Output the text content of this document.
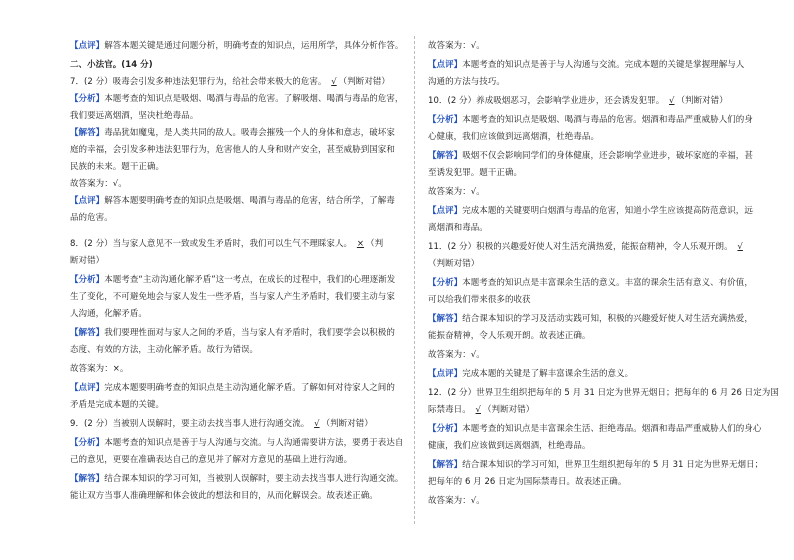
【点评】解答本题关键是通过问题分析，明确考查的知识点，运用所学，具体分析作答。
二、小法官。(14 分)
7．(2 分）吸毒会引发多种违法犯罪行为，给社会带来极大的危害。 √ （判断对错）
【分析】本题考查的知识点是吸烟、喝酒与毒品的危害。了解吸烟、喝酒与毒品的危害，
我们要远离烟酒，坚决杜绝毒品。
【解答】毒品犹如魔鬼，是人类共同的敌人。吸毒会摧残一个人的身体和意志，破坏家
庭的幸福，会引发多种违法犯罪行为，危害他人的人身和财产安全，甚至威胁到国家和
民族的未来。题干正确。
故答案为：√。
【点评】解答本题要明确考查的知识点是吸烟、喝酒与毒品的危害，结合所学，了解毒
品的危害。
8．(2 分）当与家人意见不一致或发生矛盾时，我们可以生气不理睬家人。 × （判
断对错）
【分析】本题考查“主动沟通化解矛盾”这一考点，在成长的过程中，我们的心理逐渐发
生了变化，不可避免地会与家人发生一些矛盾，当与家人产生矛盾时，我们要主动与家
人沟通，化解矛盾。
【解答】我们要理性面对与家人之间的矛盾，当与家人有矛盾时，我们要学会以积极的
态度、有效的方法，主动化解矛盾。故行为错误。
故答案为：×。
【点评】完成本题要明确考查的知识点是主动沟通化解矛盾。了解如何对待家人之间的
矛盾是完成本题的关键。
9．(2 分）当被别人误解时，要主动去找当事人进行沟通交流。 √ （判断对错）
【分析】本题考查的知识点是善于与人沟通与交流。与人沟通需要讲方法，要勇于表达自
己的意见，更要在准确表达自己的意见并了解对方意见的基础上进行沟通。
【解答】结合课本知识的学习可知，当被别人误解时，要主动去找当事人进行沟通交流。
能让双方当事人准确理解和体会彼此的想法和目的，从而化解误会。故表述正确。
故答案为：√。
【点评】本题考查的知识点是善于与人沟通与交流。完成本题的关键是掌握理解与人
沟通的方法与技巧。
10．(2 分）养成吸烟恶习，会影响学业进步，还会诱发犯罪。 √ （判断对错）
【分析】本题考查的知识点是吸烟、喝酒与毒品的危害。烟酒和毒品严重威胁人们的身
心健康，我们应该做到远离烟酒，杜绝毒品。
【解答】吸烟不仅会影响同学们的身体健康，还会影响学业进步，破坏家庭的幸福，甚
至诱发犯罪。题干正确。
故答案为：√。
【点评】完成本题的关键要明白烟酒与毒品的危害，知道小学生应该提高防范意识，远
离烟酒和毒品。
11．(2 分）积极的兴趣爱好使人对生活充满热爱，能振奋精神，令人乐观开朗。 √
（判断对错）
【分析】本题考查的知识点是丰富课余生活的意义。丰富的课余生活有意义、有价值，
可以给我们带来很多的收获
【解答】结合课本知识的学习及活动实践可知，积极的兴趣爱好使人对生活充满热爱，
能振奋精神，令人乐观开朗。故表述正确。
故答案为：√。
【点评】完成本题的关键是了解丰富课余生活的意义。
12．(2 分）世界卫生组织把每年的 5 月 31 日定为世界无烟日；把每年的 6 月 26 日定为国
际禁毒日。 √ （判断对错）
【分析】本题考查的知识点是丰富课余生活、拒绝毒品。烟酒和毒品严重威胁人们的身心
健康，我们应该做到远离烟酒，杜绝毒品。
【解答】结合课本知识的学习可知，世界卫生组织把每年的 5 月 31 日定为世界无烟日；
把每年的 6 月 26 日定为国际禁毒日。故表述正确。
故答案为：√。
